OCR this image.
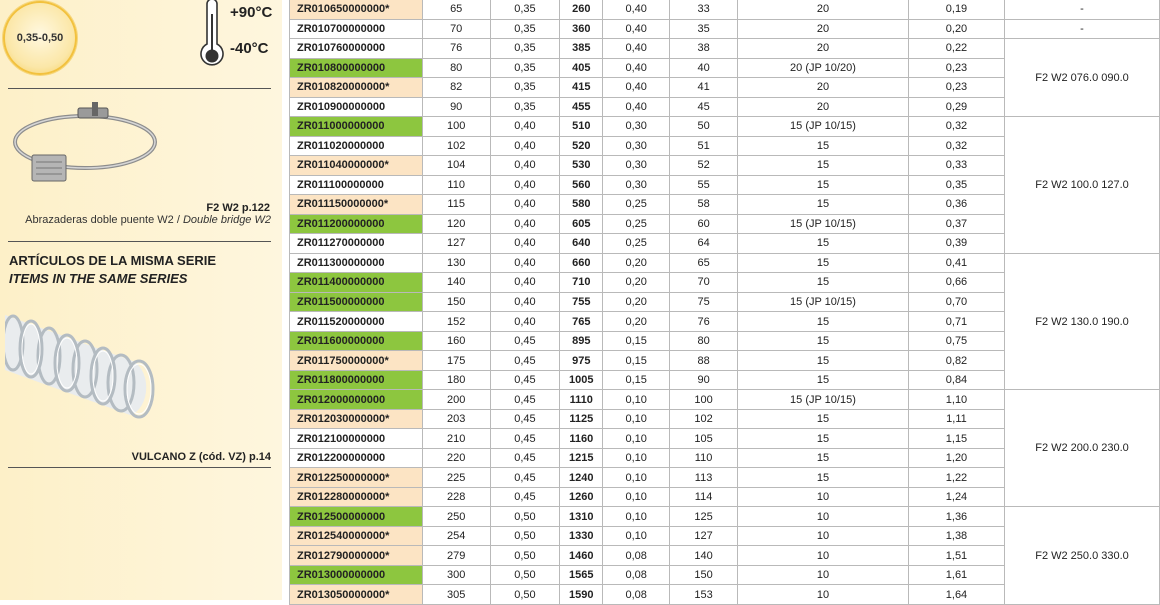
0,35-0,50
+90°C
-40°C
F2 W2 p.122
Abrazaderas doble puente W2 / Double bridge W2
ARTÍCULOS DE LA MISMA SERIE
ITEMS IN THE SAME SERIES
VULCANO Z (cód. VZ) p.14
ZR010650000000*	65	0,35	260	0,40	33	20	0,19	-
ZR010700000000	70	0,35	360	0,40	35	20	0,20	-
ZR010760000000	76	0,35	385	0,40	38	20	0,22	F2 W2 076.0 090.0
ZR010800000000	80	0,35	405	0,40	40	20 (JP 10/20)	0,23	
ZR010820000000*	82	0,35	415	0,40	41	20	0,23	
ZR010900000000	90	0,35	455	0,40	45	20	0,29	
ZR011000000000	100	0,40	510	0,30	50	15 (JP 10/15)	0,32	F2 W2 100.0 127.0
ZR011020000000	102	0,40	520	0,30	51	15	0,32	
ZR011040000000*	104	0,40	530	0,30	52	15	0,33	
ZR011100000000	110	0,40	560	0,30	55	15	0,35	
ZR011150000000*	115	0,40	580	0,25	58	15	0,36	
ZR011200000000	120	0,40	605	0,25	60	15 (JP 10/15)	0,37	
ZR011270000000	127	0,40	640	0,25	64	15	0,39	
ZR011300000000	130	0,40	660	0,20	65	15	0,41	F2 W2 130.0 190.0
ZR011400000000	140	0,40	710	0,20	70	15	0,66	
ZR011500000000	150	0,40	755	0,20	75	15 (JP 10/15)	0,70	
ZR011520000000	152	0,40	765	0,20	76	15	0,71	
ZR011600000000	160	0,45	895	0,15	80	15	0,75	
ZR011750000000*	175	0,45	975	0,15	88	15	0,82	
ZR011800000000	180	0,45	1005	0,15	90	15	0,84	
ZR012000000000	200	0,45	1110	0,10	100	15 (JP 10/15)	1,10	F2 W2 200.0 230.0
ZR012030000000*	203	0,45	1125	0,10	102	15	1,11	
ZR012100000000	210	0,45	1160	0,10	105	15	1,15	
ZR012200000000	220	0,45	1215	0,10	110	15	1,20	
ZR012250000000*	225	0,45	1240	0,10	113	15	1,22	
ZR012280000000*	228	0,45	1260	0,10	114	10	1,24	
ZR012500000000	250	0,50	1310	0,10	125	10	1,36	F2 W2 250.0 330.0
ZR012540000000*	254	0,50	1330	0,10	127	10	1,38	
ZR012790000000*	279	0,50	1460	0,08	140	10	1,51	
ZR013000000000	300	0,50	1565	0,08	150	10	1,61	
ZR013050000000*	305	0,50	1590	0,08	153	10	1,64	
